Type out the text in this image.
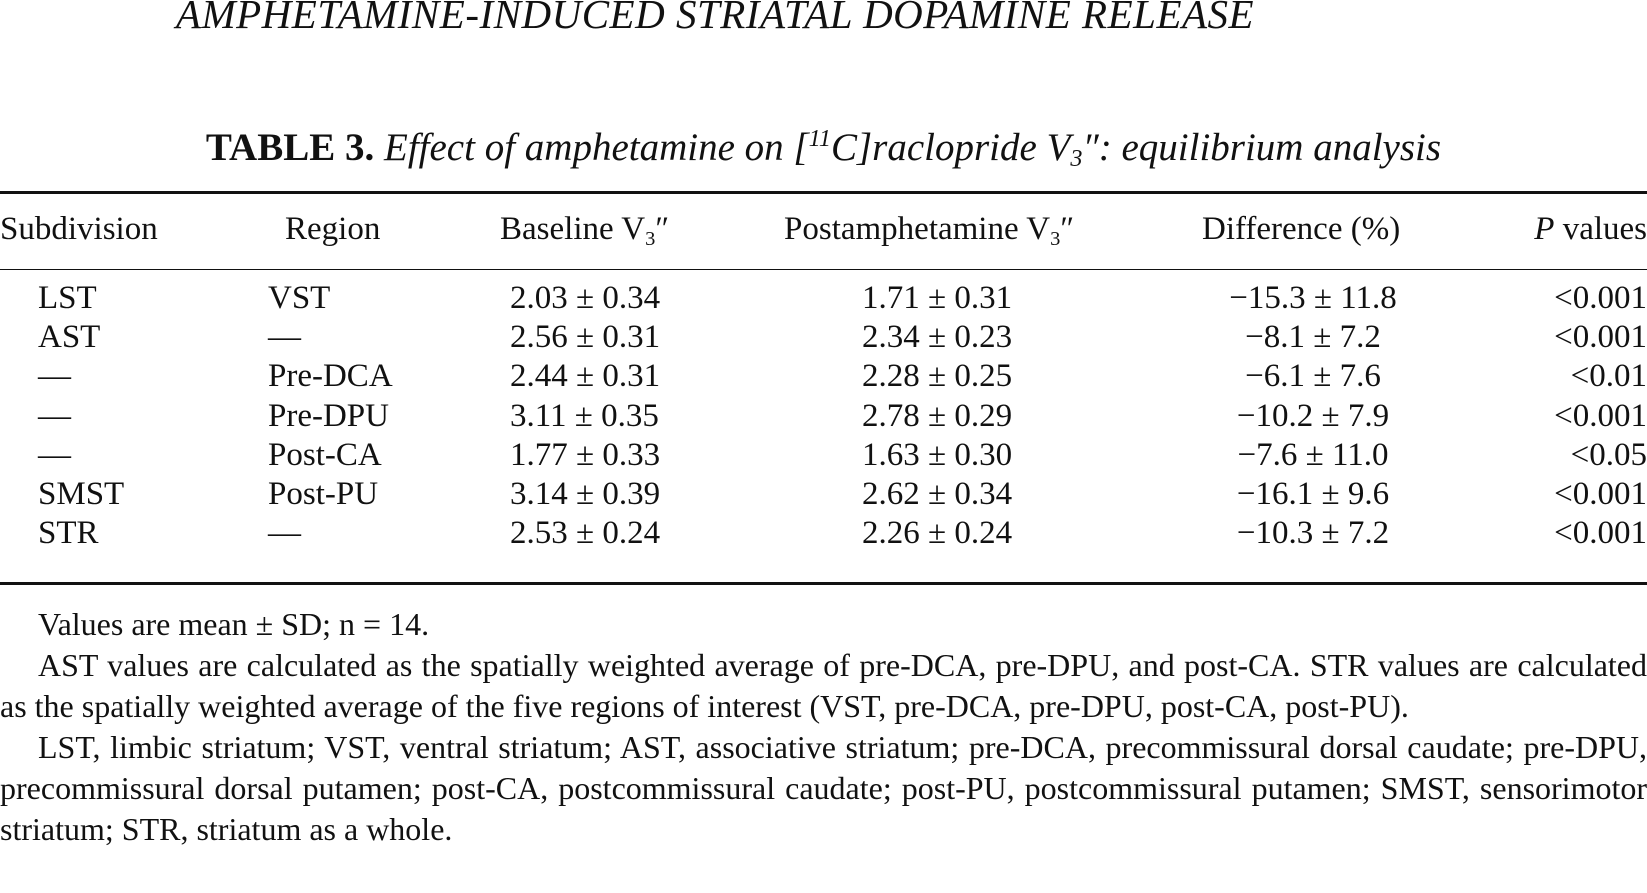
AMPHETAMINE-INDUCED STRIATAL DOPAMINE RELEASE
TABLE 3. Effect of amphetamine on [$^{11}$C]raclopride $V_3''$: equilibrium analysis
Subdivision	Region	Baseline $V_3''$	Postamphetamine $V_3''$	Difference (%)	P values
LST	VST	2.03 ± 0.34	1.71 ± 0.31	−15.3 ± 11.8	<0.001
AST	—	2.56 ± 0.31	2.34 ± 0.23	−8.1 ± 7.2	<0.001
—	Pre-DCA	2.44 ± 0.31	2.28 ± 0.25	−6.1 ± 7.6	<0.01
—	Pre-DPU	3.11 ± 0.35	2.78 ± 0.29	−10.2 ± 7.9	<0.001
—	Post-CA	1.77 ± 0.33	1.63 ± 0.30	−7.6 ± 11.0	<0.05
SMST	Post-PU	3.14 ± 0.39	2.62 ± 0.34	−16.1 ± 9.6	<0.001
STR	—	2.53 ± 0.24	2.26 ± 0.24	−10.3 ± 7.2	<0.001

Values are mean ± SD; n = 14.

AST values are calculated as the spatially weighted average of pre-DCA, pre-DPU, and post-CA. STR values are calculated as the spatially weighted average of the five regions of interest (VST, pre-DCA, pre-DPU, post-CA, post-PU).

LST, limbic striatum; VST, ventral striatum; AST, associative striatum; pre-DCA, precommissural dorsal caudate; pre-DPU, precommissural dorsal putamen; post-CA, postcommissural caudate; post-PU, postcommissural putamen; SMST, sensorimotor striatum; STR, striatum as a whole.
